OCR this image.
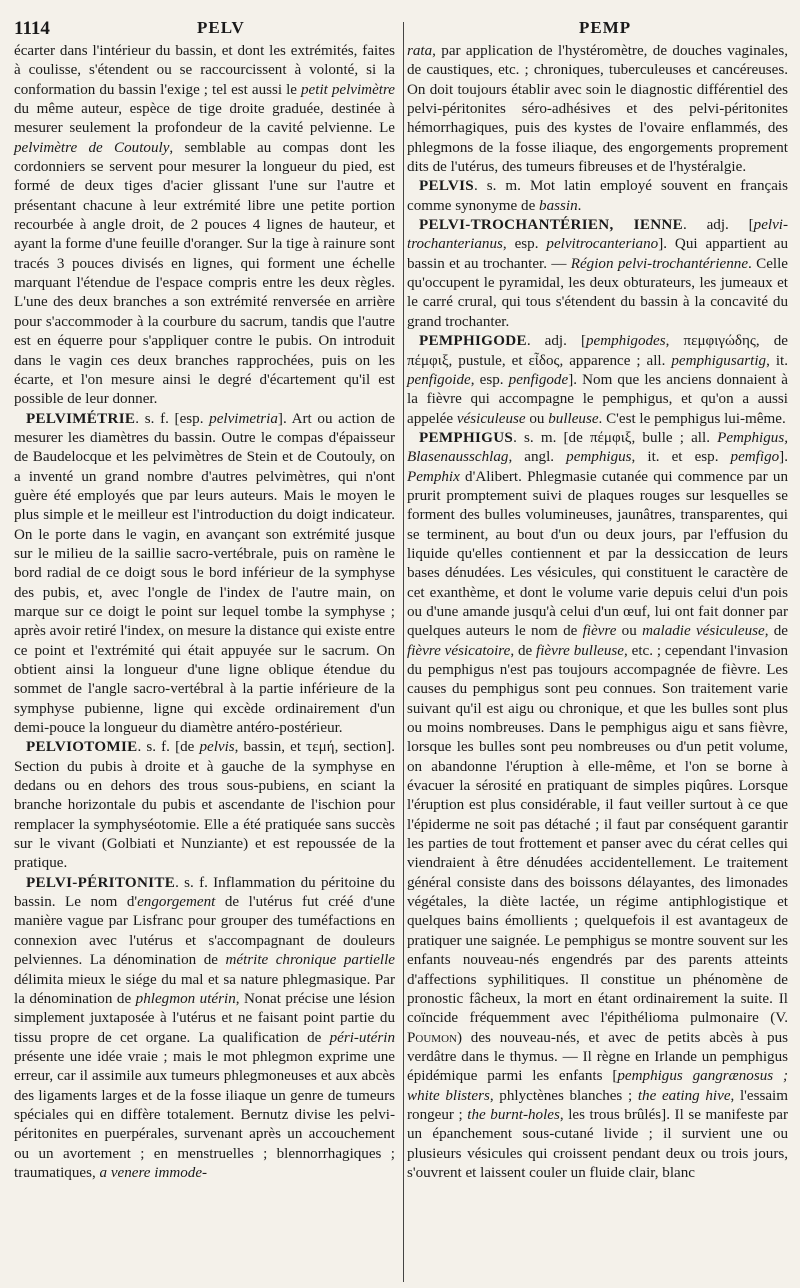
1114	PELV	PEMP

écarter dans l'intérieur du bassin, et dont les extrémités, faites à coulisse, s'étendent ou se raccourcissent à volonté, si la conformation du bassin l'exige ; tel est aussi le petit pelvimètre du même auteur, espèce de tige droite graduée, destinée à mesurer seulement la profondeur de la cavité pelvienne. Le pelvimètre de Coutouly, semblable au compas dont les cordonniers se servent pour mesurer la longueur du pied, est formé de deux tiges d'acier glissant l'une sur l'autre et présentant chacune à leur extrémité libre une petite portion recourbée à angle droit, de 2 pouces 4 lignes de hauteur, et ayant la forme d'une feuille d'oranger. Sur la tige à rainure sont tracés 3 pouces divisés en lignes, qui forment une échelle marquant l'étendue de l'espace compris entre les deux règles. L'une des deux branches a son extrémité renversée en arrière pour s'accommoder à la courbure du sacrum, tandis que l'autre est en équerre pour s'appliquer contre le pubis. On introduit dans le vagin ces deux branches rapprochées, puis on les écarte, et l'on mesure ainsi le degré d'écartement qu'il est possible de leur donner.

PELVIMÉTRIE. s. f. [esp. pelvimetria]. Art ou action de mesurer les diamètres du bassin. Outre le compas d'épaisseur de Baudelocque et les pelvimètres de Stein et de Coutouly, on a inventé un grand nombre d'autres pelvimètres, qui n'ont guère été employés que par leurs auteurs. Mais le moyen le plus simple et le meilleur est l'introduction du doigt indicateur. On le porte dans le vagin, en avançant son extrémité jusque sur le milieu de la saillie sacro-vertébrale, puis on ramène le bord radial de ce doigt sous le bord inférieur de la symphyse des pubis, et, avec l'ongle de l'index de l'autre main, on marque sur ce doigt le point sur lequel tombe la symphyse ; après avoir retiré l'index, on mesure la distance qui existe entre ce point et l'extrémité qui était appuyée sur le sacrum. On obtient ainsi la longueur d'une ligne oblique étendue du sommet de l'angle sacro-vertébral à la partie inférieure de la symphyse pubienne, ligne qui excède ordinairement d'un demi-pouce la longueur du diamètre antéro-postérieur.

PELVIOTOMIE. s. f. [de pelvis, bassin, et τεμή, section]. Section du pubis à droite et à gauche de la symphyse en dedans ou en dehors des trous sous-pubiens, en sciant la branche horizontale du pubis et ascendante de l'ischion pour remplacer la symphyséotomie. Elle a été pratiquée sans succès sur le vivant (Golbiati et Nunziante) et est repoussée de la pratique.

PELVI-PÉRITONITE. s. f. Inflammation du péritoine du bassin. Le nom d'engorgement de l'utérus fut créé d'une manière vague par Lisfranc pour grouper des tuméfactions en connexion avec l'utérus et s'accompagnant de douleurs pelviennes. La dénomination de métrite chronique partielle délimita mieux le siége du mal et sa nature phlegmasique. Par la dénomination de phlegmon utérin, Nonat précise une lésion simplement juxtaposée à l'utérus et ne faisant point partie du tissu propre de cet organe. La qualification de péri-utérin présente une idée vraie ; mais le mot phlegmon exprime une erreur, car il assimile aux tumeurs phlegmoneuses et aux abcès des ligaments larges et de la fosse iliaque un genre de tumeurs spéciales qui en diffère totalement. Bernutz divise les pelvi-péritonites en puerpérales, survenant après un accouchement ou un avortement ; en menstruelles ; blennorrhagiques ; traumatiques, a venere immode-

rata, par application de l'hystéromètre, de douches vaginales, de caustiques, etc. ; chroniques, tuberculeuses et cancéreuses. On doit toujours établir avec soin le diagnostic différentiel des pelvi-péritonites séro-adhésives et des pelvi-péritonites hémorrhagiques, puis des kystes de l'ovaire enflammés, des phlegmons de la fosse iliaque, des engorgements proprement dits de l'utérus, des tumeurs fibreuses et de l'hystéralgie.

PELVIS. s. m. Mot latin employé souvent en français comme synonyme de bassin.

PELVI-TROCHANTÉRIEN, IENNE. adj. [pelvi-trochanterianus, esp. pelvitrocanteriano]. Qui appartient au bassin et au trochanter. — Région pelvi-trochantérienne. Celle qu'occupent le pyramidal, les deux obturateurs, les jumeaux et le carré crural, qui tous s'étendent du bassin à la concavité du grand trochanter.

PEMPHIGODE. adj. [pemphigodes, πεμφιγώδης, de πέμφιξ, pustule, et εἶδος, apparence ; all. pemphigusartig, it. penfigoide, esp. penfigode]. Nom que les anciens donnaient à la fièvre qui accompagne le pemphigus, et qu'on a aussi appelée vésiculeuse ou bulleuse. C'est le pemphigus lui-même.

PEMPHIGUS. s. m. [de πέμφιξ, bulle ; all. Pemphigus, Blasenausschlag, angl. pemphigus, it. et esp. pemfigo]. Pemphix d'Alibert. Phlegmasie cutanée qui commence par un prurit promptement suivi de plaques rouges sur lesquelles se forment des bulles volumineuses, jaunâtres, transparentes, qui se terminent, au bout d'un ou deux jours, par l'effusion du liquide qu'elles contiennent et par la dessiccation de leurs bases dénudées. Les vésicules, qui constituent le caractère de cet exanthème, et dont le volume varie depuis celui d'un pois ou d'une amande jusqu'à celui d'un œuf, lui ont fait donner par quelques auteurs le nom de fièvre ou maladie vésiculeuse, de fièvre vésicatoire, de fièvre bulleuse, etc. ; cependant l'invasion du pemphigus n'est pas toujours accompagnée de fièvre. Les causes du pemphigus sont peu connues. Son traitement varie suivant qu'il est aigu ou chronique, et que les bulles sont plus ou moins nombreuses. Dans le pemphigus aigu et sans fièvre, lorsque les bulles sont peu nombreuses ou d'un petit volume, on abandonne l'éruption à elle-même, et l'on se borne à évacuer la sérosité en pratiquant de simples piqûres. Lorsque l'éruption est plus considérable, il faut veiller surtout à ce que l'épiderme ne soit pas détaché ; il faut par conséquent garantir les parties de tout frottement et panser avec du cérat celles qui viendraient à être dénudées accidentellement. Le traitement général consiste dans des boissons délayantes, des limonades végétales, la diète lactée, un régime antiphlogistique et quelques bains émollients ; quelquefois il est avantageux de pratiquer une saignée. Le pemphigus se montre souvent sur les enfants nouveau-nés engendrés par des parents atteints d'affections syphilitiques. Il constitue un phénomène de pronostic fâcheux, la mort en étant ordinairement la suite. Il coïncide fréquemment avec l'épithélioma pulmonaire (V. Poumon) des nouveau-nés, et avec de petits abcès à pus verdâtre dans le thymus. — Il règne en Irlande un pemphigus épidémique parmi les enfants [pemphigus gangrænosus ; white blisters, phlyctènes blanches ; the eating hive, l'essaim rongeur ; the burnt-holes, les trous brûlés]. Il se manifeste par un épanchement sous-cutané livide ; il survient une ou plusieurs vésicules qui croissent pendant deux ou trois jours, s'ouvrent et laissent couler un fluide clair, blanc
